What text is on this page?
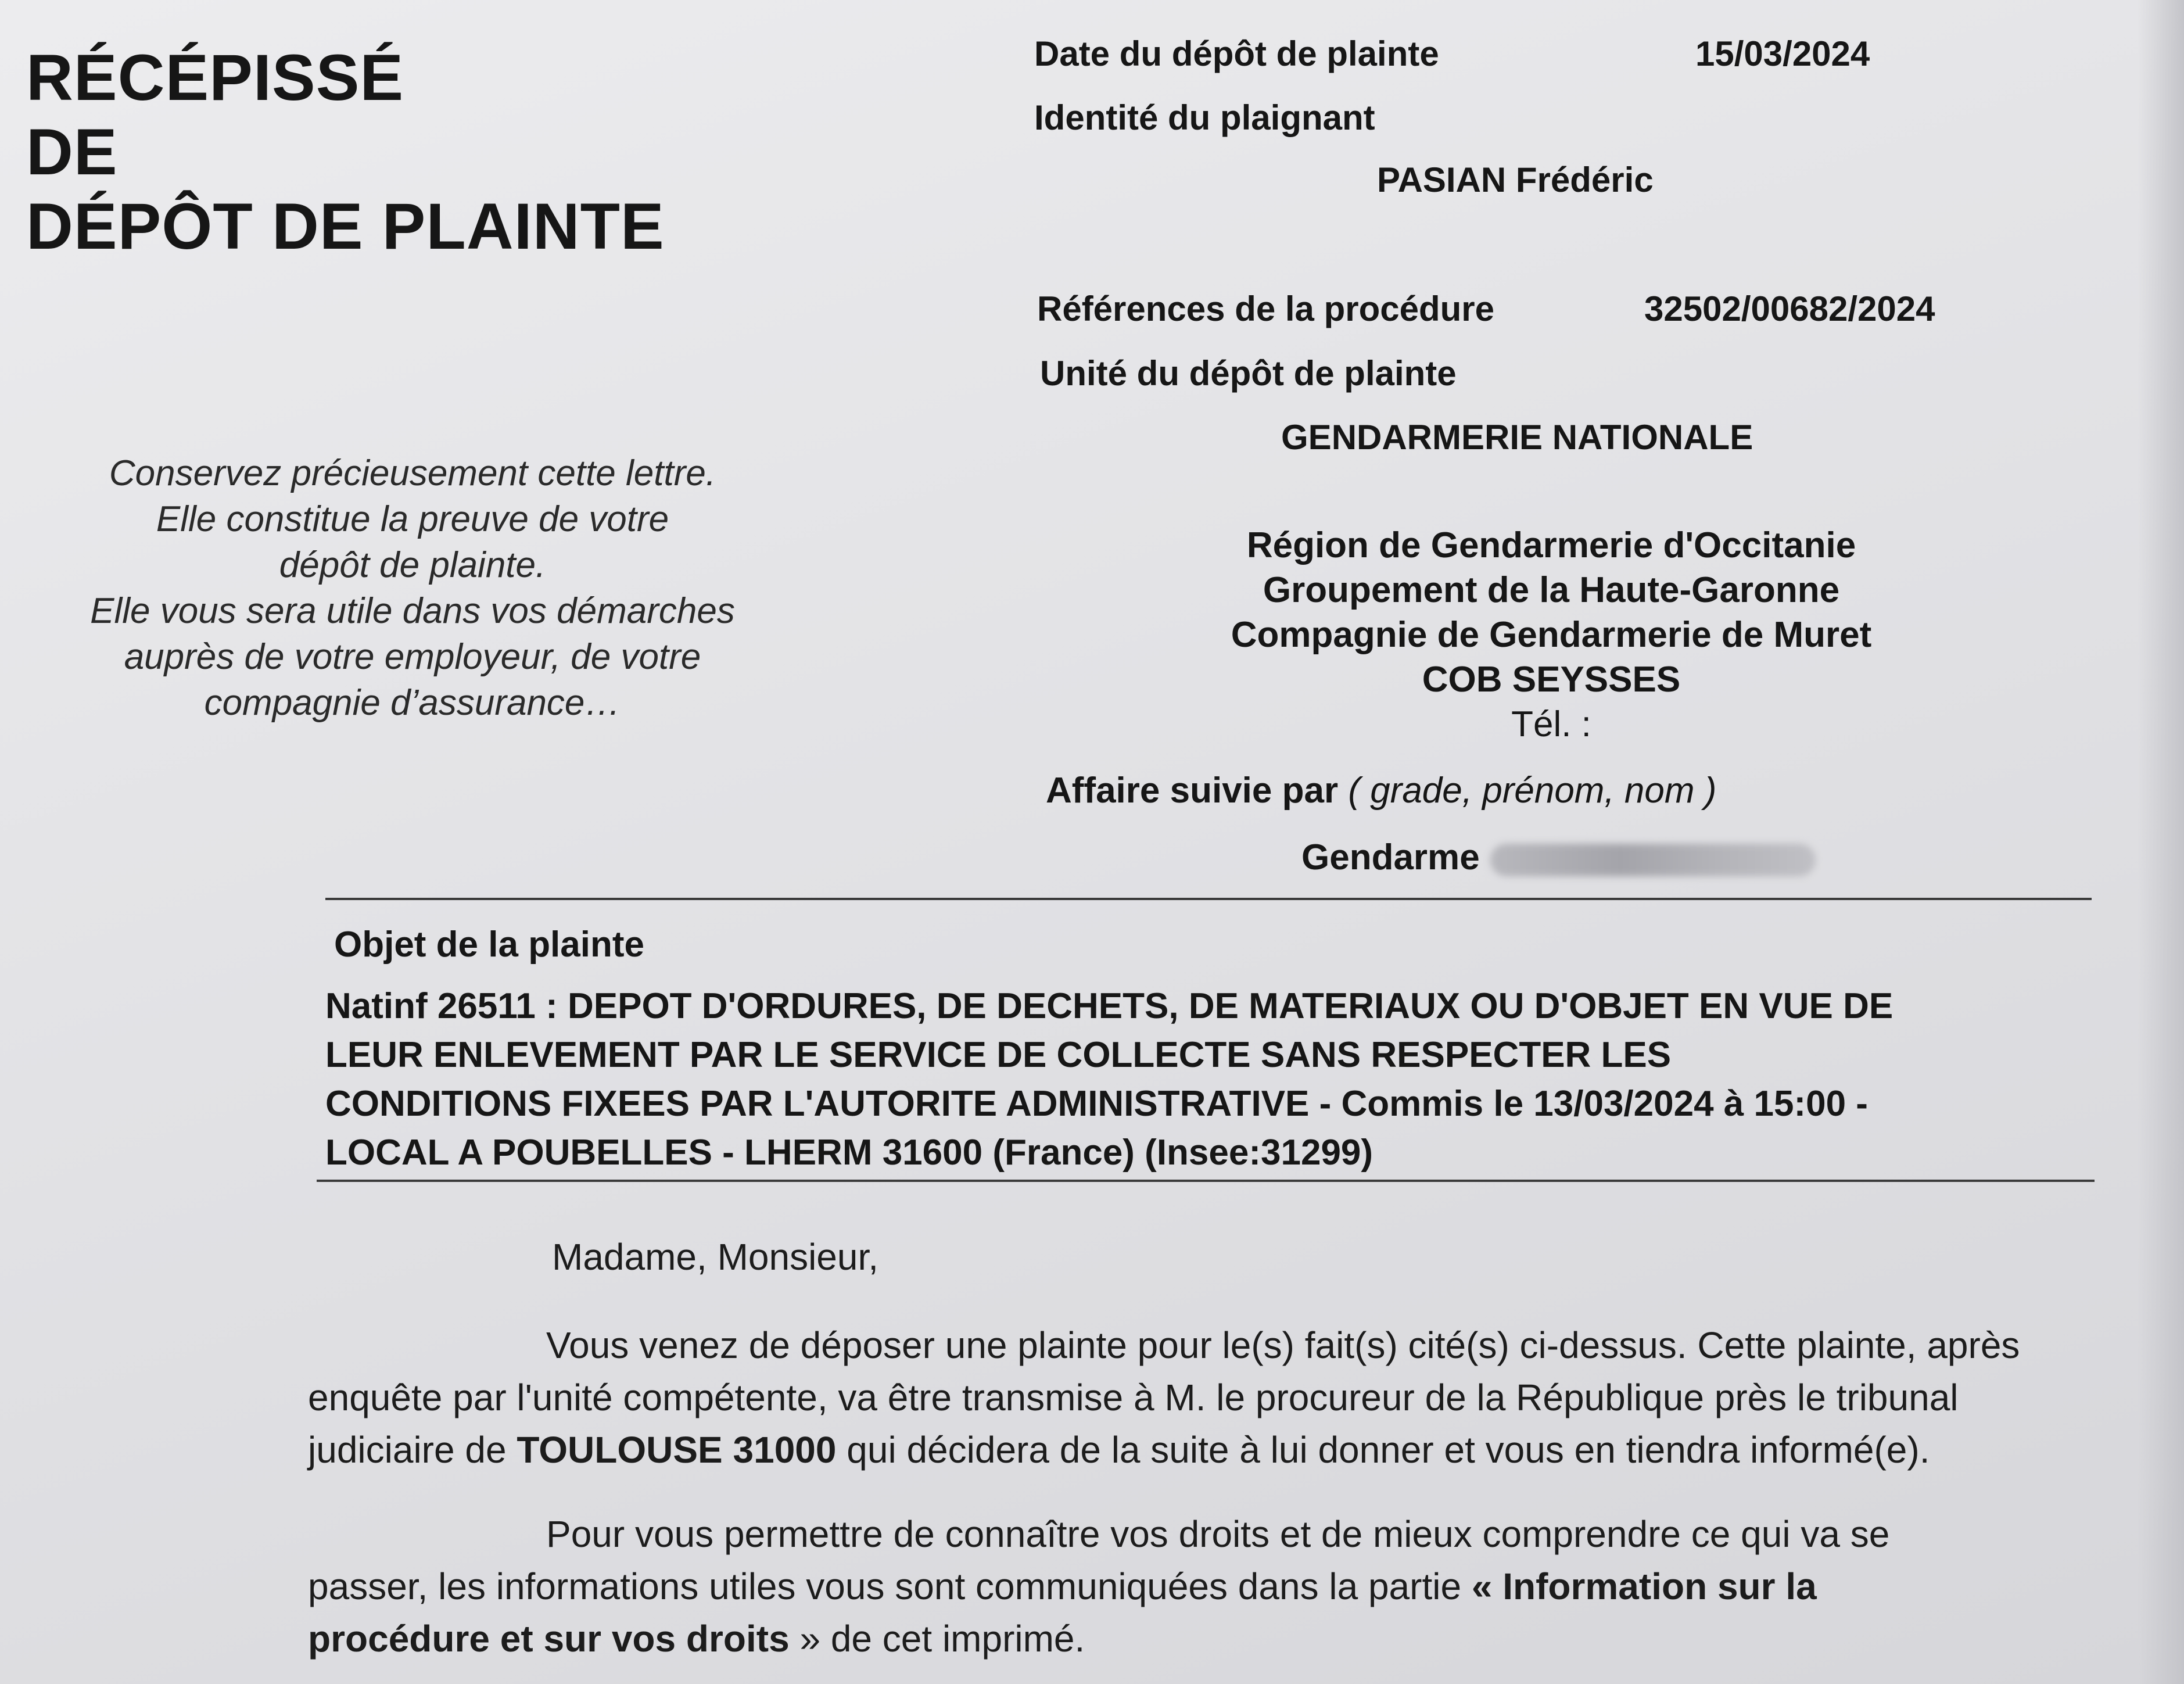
RÉCÉPISSÉ
DE
DÉPÔT DE PLAINTE
Conservez précieusement cette lettre.
Elle constitue la preuve de votre
dépôt de plainte.
Elle vous sera utile dans vos démarches
auprès de votre employeur, de votre
compagnie d’assurance…
Date du dépôt de plainte	15/03/2024
Identité du plaignant
PASIAN Frédéric
Références de la procédure	32502/00682/2024
Unité du dépôt de plainte
GENDARMERIE NATIONALE
Région de Gendarmerie d'Occitanie
Groupement de la Haute-Garonne
Compagnie de Gendarmerie de Muret
COB SEYSSES
Tél. :
Affaire suivie par ( grade, prénom, nom )
Gendarme
Objet de la plainte
Natinf 26511 : DEPOT D'ORDURES, DE DECHETS, DE MATERIAUX OU D'OBJET EN VUE DE
LEUR ENLEVEMENT PAR LE SERVICE DE COLLECTE SANS RESPECTER LES
CONDITIONS FIXEES PAR L'AUTORITE ADMINISTRATIVE - Commis le 13/03/2024 à 15:00 -
LOCAL A POUBELLES - LHERM 31600 (France) (Insee:31299)
Madame, Monsieur,
Vous venez de déposer une plainte pour le(s) fait(s) cité(s) ci-dessus. Cette plainte, après
enquête par l'unité compétente, va être transmise à M. le procureur de la République près le tribunal
judiciaire de TOULOUSE 31000 qui décidera de la suite à lui donner et vous en tiendra informé(e).
Pour vous permettre de connaître vos droits et de mieux comprendre ce qui va se
passer, les informations utiles vous sont communiquées dans la partie « Information sur la
procédure et sur vos droits » de cet imprimé.
